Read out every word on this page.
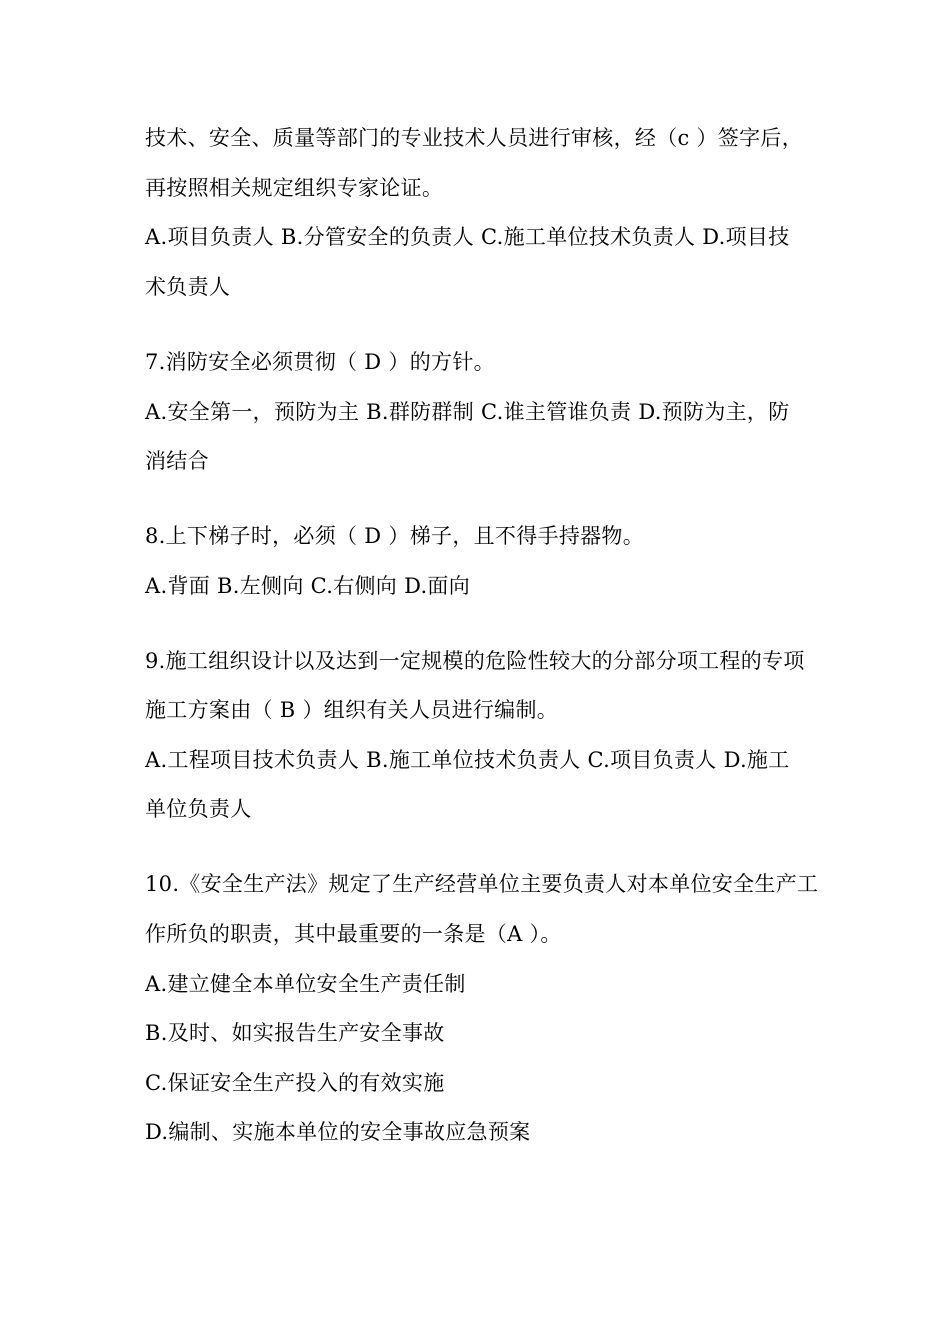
技术、安全、质量等部门的专业技术人员进行审核，经（c ）签字后，
再按照相关规定组织专家论证。
A.项目负责人 B.分管安全的负责人 C.施工单位技术负责人 D.项目技
术负责人
7.消防安全必须贯彻（ D ）的方针。
A.安全第一，预防为主 B.群防群制 C.谁主管谁负责 D.预防为主，防
消结合
8.上下梯子时，必须（ D ）梯子，且不得手持器物。
A.背面 B.左侧向 C.右侧向 D.面向
9.施工组织设计以及达到一定规模的危险性较大的分部分项工程的专项
施工方案由（ B ）组织有关人员进行编制。
A.工程项目技术负责人 B.施工单位技术负责人 C.项目负责人 D.施工
单位负责人
10.《安全生产法》规定了生产经营单位主要负责人对本单位安全生产工
作所负的职责，其中最重要的一条是（A ）。
A.建立健全本单位安全生产责任制
B.及时、如实报告生产安全事故
C.保证安全生产投入的有效实施
D.编制、实施本单位的安全事故应急预案
